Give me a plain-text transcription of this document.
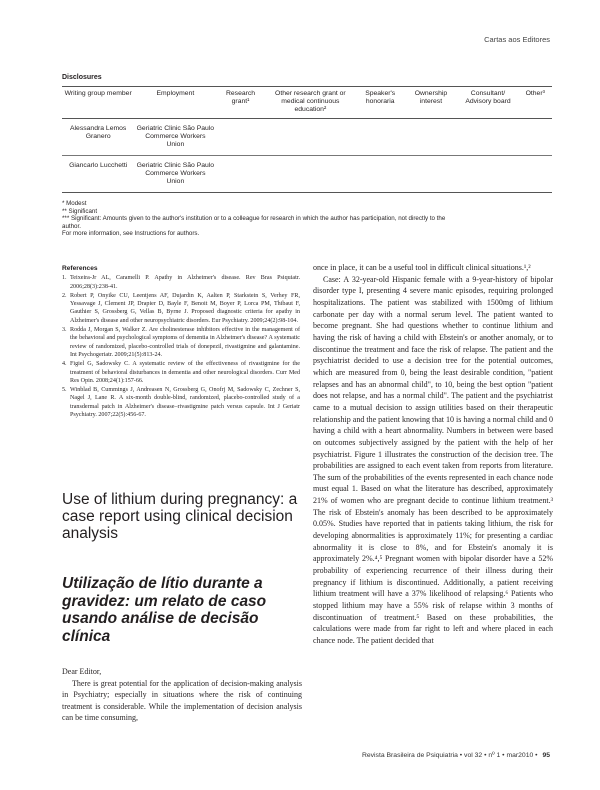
Cartas aos Editores
Disclosures
Writing group member	Employment	Research grant¹	Other research grant or medical continuous education²	Speaker's honoraria	Ownership interest	Consultant/ Advisory board	Other³
Alessandra Lemos Granero	Geriatric Clinic São Paulo Commerce Workers Union						
Giancarlo Lucchetti	Geriatric Clinic São Paulo Commerce Workers Union						
* Modest
** Significant
*** Significant: Amounts given to the author's institution or to a colleague for research in which the author has participation, not directly to the
author.
For more information, see Instructions for authors.
References
1. Teixeira-Jr AL, Caramelli P. Apathy in Alzheimer's disease. Rev Bras Psiquiatr. 2006;28(3):238-41.
2. Robert P, Onyike CU, Leentjens AF, Dujardin K, Aalten P, Starkstein S, Verhey FR, Yessavage J, Clement JP, Drapier D, Bayle F, Benoit M, Boyer P, Lorca PM, Thibaut F, Gauthier S, Grossberg G, Vellas B, Byrne J. Proposed diagnostic criteria for apathy in Alzheimer's disease and other neuropsychiatric disorders. Eur Psychiatry. 2009;24(2):98-104.
3. Rodda J, Morgan S, Walker Z. Are cholinesterase inhibitors effective in the management of the behavioral and psychological symptoms of dementia in Alzheimer's disease? A systematic review of randomized, placebo-controlled trials of donepezil, rivastigmine and galantamine. Int Psychogeriatr. 2009;21(5):813-24.
4. Figiel G, Sadowsky C. A systematic review of the effectiveness of rivastigmine for the treatment of behavioral disturbances in dementia and other neurological disorders. Curr Med Res Opin. 2008;24(1):157-66.
5. Winblad B, Cummings J, Andreasen N, Grossberg G, Onofrj M, Sadowsky C, Zechner S, Nagel J, Lane R. A six-month double-blind, randomized, placebo-controlled study of a transdermal patch in Alzheimer's disease–rivastigmine patch versus capsule. Int J Geriatr Psychiatry. 2007;22(5):456-67.
Use of lithium during pregnancy: a case report using clinical decision analysis
Utilização de lítio durante a gravidez: um relato de caso usando análise de decisão clínica

Dear Editor,

There is great potential for the application of decision-making analysis in Psychiatry; especially in situations where the risk of continuing treatment is considerable. While the implementation of decision analysis can be time consuming,

once in place, it can be a useful tool in difficult clinical situations.¹,²

Case: A 32-year-old Hispanic female with a 9-year-history of bipolar disorder type I, presenting 4 severe manic episodes, requiring prolonged hospitalizations. The patient was stabilized with 1500mg of lithium carbonate per day with a normal serum level. The patient wanted to become pregnant. She had questions whether to continue lithium and having the risk of having a child with Ebstein's or another anomaly, or to discontinue the treatment and face the risk of relapse. The patient and the psychiatrist decided to use a decision tree for the potential outcomes, which are measured from 0, being the least desirable condition, "patient relapses and has an abnormal child", to 10, being the best option "patient does not relapse, and has a normal child". The patient and the psychiatrist came to a mutual decision to assign utilities based on their therapeutic relationship and the patient knowing that 10 is having a normal child and 0 having a child with a heart abnormality. Numbers in between were based on outcomes subjectively assigned by the patient with the help of her psychiatrist. Figure 1 illustrates the construction of the decision tree. The probabilities are assigned to each event taken from reports from literature. The sum of the probabilities of the events represented in each chance node must equal 1. Based on what the literature has described, approximately 21% of women who are pregnant decide to continue lithium treatment.³ The risk of Ebstein's anomaly has been described to be approximately 0.05%. Studies have reported that in patients taking lithium, the risk for developing abnormalities is approximately 11%; for presenting a cardiac abnormality it is close to 8%, and for Ebstein's anomaly it is approximately 2%.⁴,⁵ Pregnant women with bipolar disorder have a 52% probability of experiencing recurrence of their illness during their pregnancy if lithium is discontinued. Additionally, a patient receiving lithium treatment will have a 37% likelihood of relapsing.⁶ Patients who stopped lithium may have a 55% risk of relapse within 3 months of discontinuation of treatment.⁵ Based on these probabilities, the calculations were made from far right to left and where placed in each chance node. The patient decided that

Revista Brasileira de Psiquiatria • vol 32 • nº 1 • mar2010 • 95
